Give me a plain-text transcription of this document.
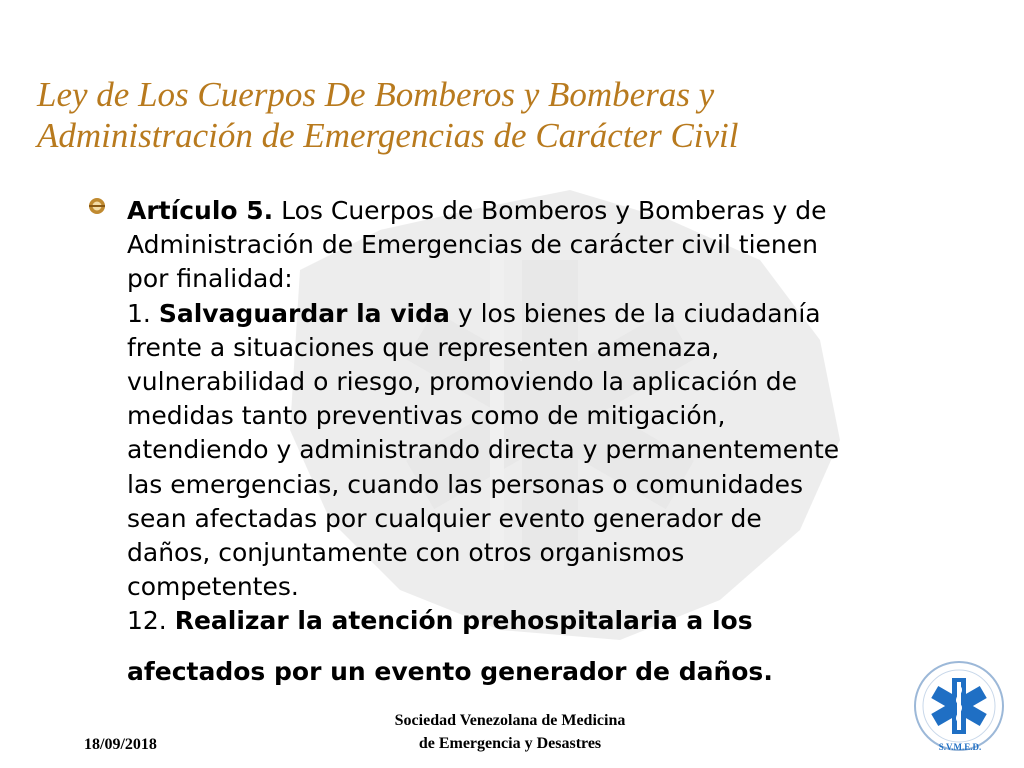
Ley de Los Cuerpos De Bomberos y Bomberas y
Administración de Emergencias de Carácter Civil
Artículo 5. Los Cuerpos de Bomberos y Bomberas y de
Administración de Emergencias de carácter civil tienen
por finalidad:
1. Salvaguardar la vida y los bienes de la ciudadanía
frente a situaciones que representen amenaza,
vulnerabilidad o riesgo, promoviendo la aplicación de
medidas tanto preventivas como de mitigación,
atendiendo y administrando directa y permanentemente
las emergencias, cuando las personas o comunidades
sean afectadas por cualquier evento generador de
daños, conjuntamente con otros organismos
competentes.
12. Realizar la atención prehospitalaria a los
afectados por un evento generador de daños.
18/09/2018
Sociedad Venezolana de Medicina
de Emergencia y Desastres	S.V.M.E.D.
